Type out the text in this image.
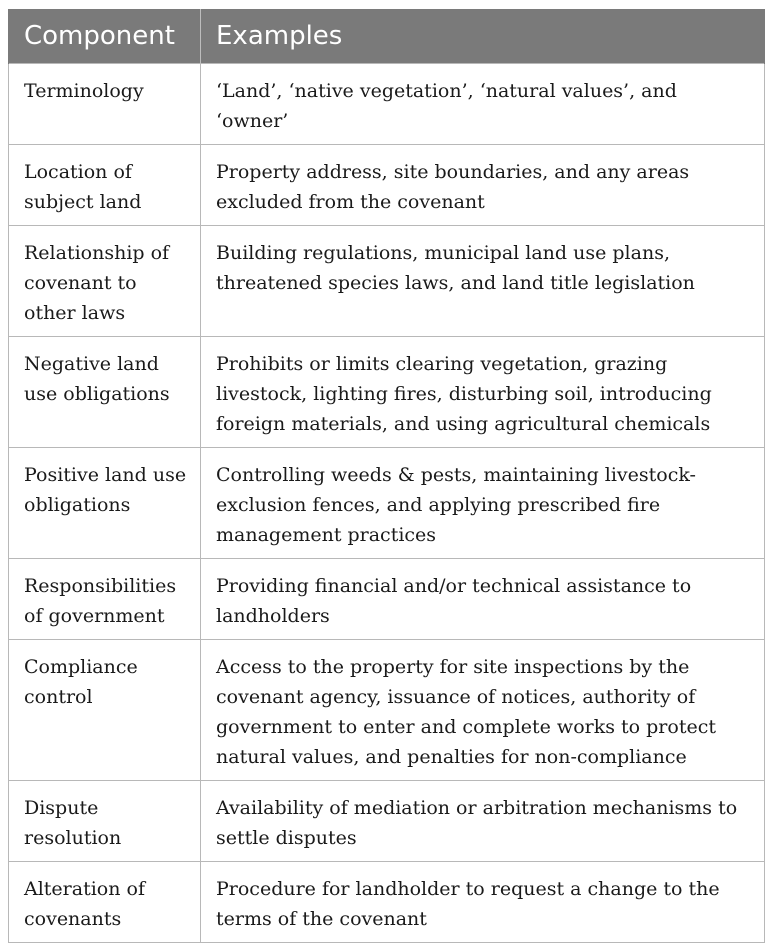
Component	Examples
Terminology	‘Land’, ‘native vegetation’, ‘natural values’, and ‘owner’
Location of subject land	Property address, site boundaries, and any areas excluded from the covenant
Relationship of covenant to other laws	Building regulations, municipal land use plans, threatened species laws, and land title legislation
Negative land use obligations	Prohibits or limits clearing vegetation, grazing livestock, lighting fires, disturbing soil, introducing foreign materials, and using agricultural chemicals
Positive land use obligations	Controlling weeds & pests, maintaining livestock-exclusion fences, and applying prescribed fire management practices
Responsibilities of government	Providing financial and/or technical assistance to landholders
Compliance control	Access to the property for site inspections by the covenant agency, issuance of notices, authority of government to enter and complete works to protect natural values, and penalties for non-compliance
Dispute resolution	Availability of mediation or arbitration mechanisms to settle disputes
Alteration of covenants	Procedure for landholder to request a change to the terms of the covenant
